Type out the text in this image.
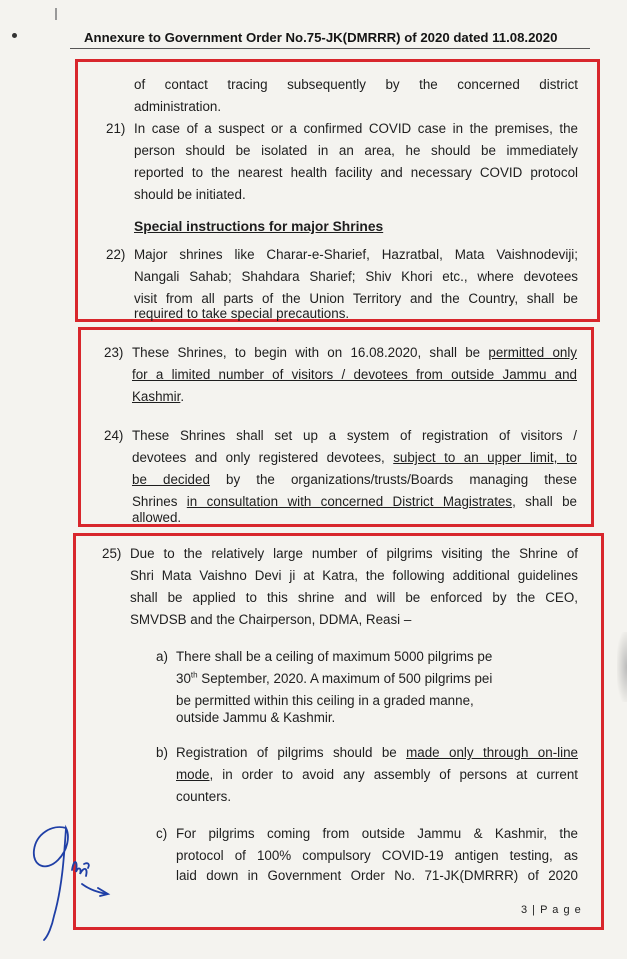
Annexure to Government Order No.75-JK(DMRRR) of 2020 dated 11.08.2020
of contact tracing subsequently by the concerned district
administration.
21) In case of a suspect or a confirmed COVID case in the premises, the
person should be isolated in an area, he should be immediately
reported to the nearest health facility and necessary COVID protocol
should be initiated.
Special instructions for major Shrines
22) Major shrines like Charar-e-Sharief, Hazratbal, Mata Vaishnodeviji;
Nangali Sahab; Shahdara Sharief; Shiv Khori etc., where devotees
visit from all parts of the Union Territory and the Country, shall be
required to take special precautions.
23) These Shrines, to begin with on 16.08.2020, shall be permitted only
for a limited number of visitors / devotees from outside Jammu and
Kashmir.
24) These Shrines shall set up a system of registration of visitors /
devotees and only registered devotees, subject to an upper limit, to
be decided by the organizations/trusts/Boards managing these
Shrines in consultation with concerned District Magistrates, shall be
allowed.
25) Due to the relatively large number of pilgrims visiting the Shrine of
Shri Mata Vaishno Devi ji at Katra, the following additional guidelines
shall be applied to this shrine and will be enforced by the CEO,
SMVDSB and the Chairperson, DDMA, Reasi –
a) There shall be a ceiling of maximum 5000 pilgrims pe
30th September, 2020. A maximum of 500 pilgrims pei
be permitted within this ceiling in a graded manne,
outside Jammu & Kashmir.
b) Registration of pilgrims should be made only through on-line
mode, in order to avoid any assembly of persons at current
counters.
c) For pilgrims coming from outside Jammu & Kashmir, the
protocol of 100% compulsory COVID-19 antigen testing, as
laid down in Government Order No. 71-JK(DMRRR) of 2020
3 | P a g e
